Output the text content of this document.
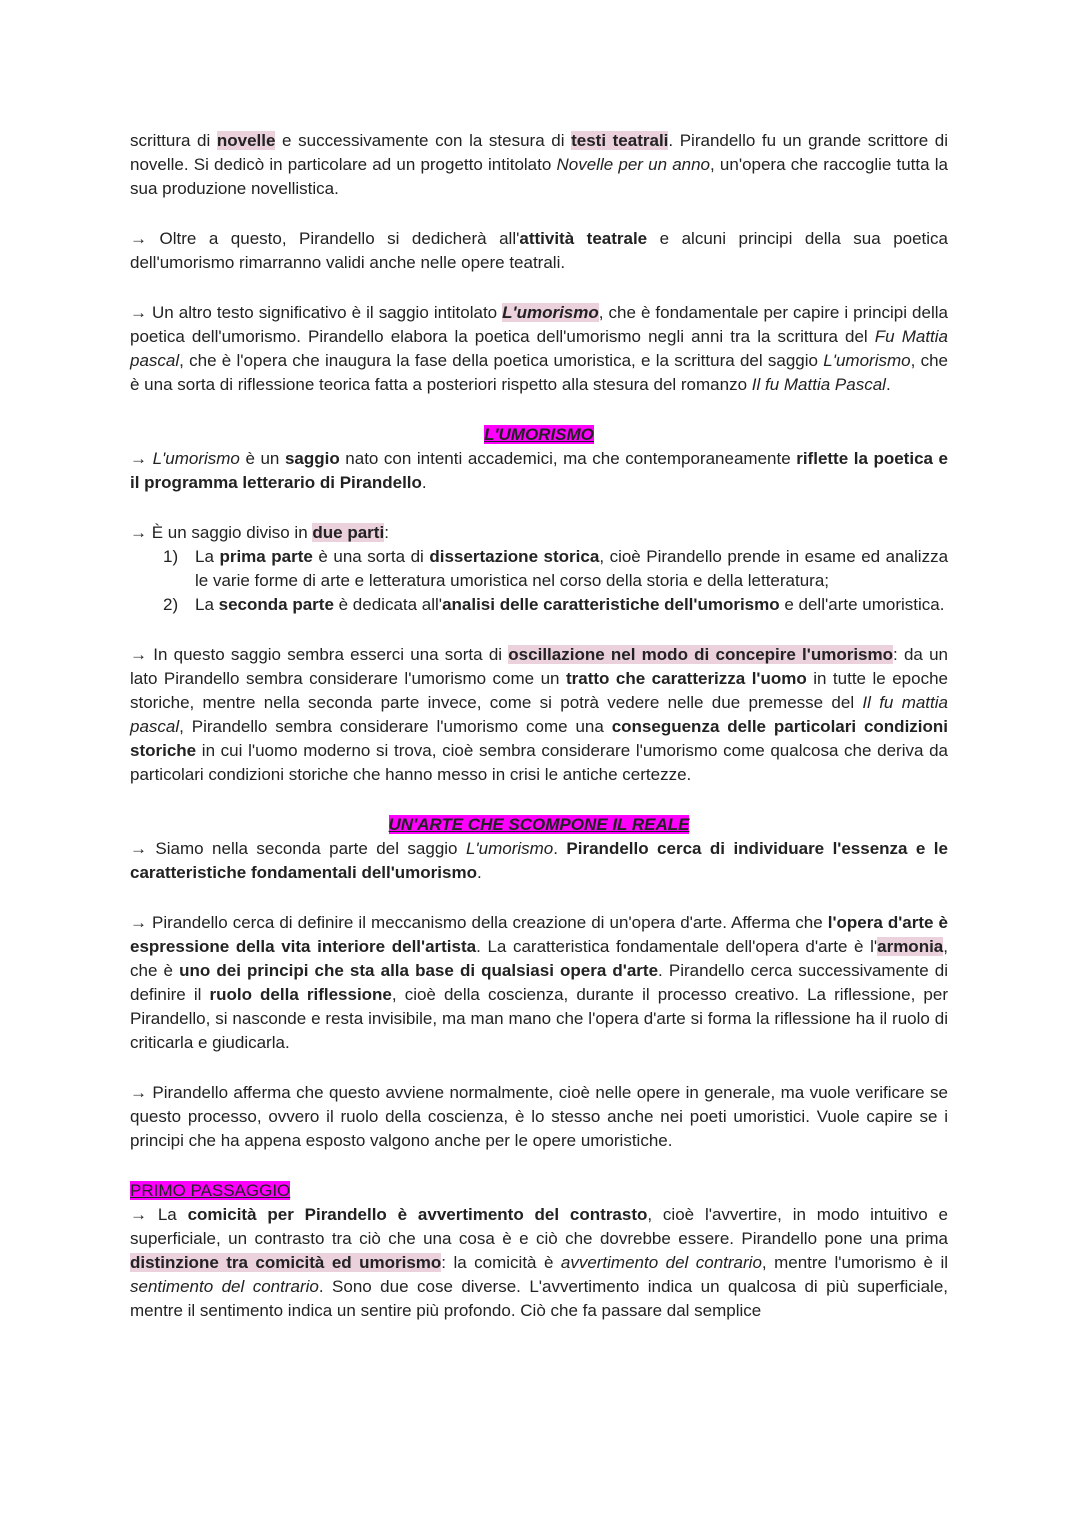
scrittura di novelle e successivamente con la stesura di testi teatrali. Pirandello fu un grande scrittore di novelle. Si dedicò in particolare ad un progetto intitolato Novelle per un anno, un'opera che raccoglie tutta la sua produzione novellistica.

→ Oltre a questo, Pirandello si dedicherà all'attività teatrale e alcuni principi della sua poetica dell'umorismo rimarranno validi anche nelle opere teatrali.

→ Un altro testo significativo è il saggio intitolato L'umorismo, che è fondamentale per capire i principi della poetica dell'umorismo. Pirandello elabora la poetica dell'umorismo negli anni tra la scrittura del Fu Mattia pascal, che è l'opera che inaugura la fase della poetica umoristica, e la scrittura del saggio L'umorismo, che è una sorta di riflessione teorica fatta a posteriori rispetto alla stesura del romanzo Il fu Mattia Pascal.

L'UMORISMO

→ L'umorismo è un saggio nato con intenti accademici, ma che contemporaneamente riflette la poetica e il programma letterario di Pirandello.

→ È un saggio diviso in due parti:

1) La prima parte è una sorta di dissertazione storica, cioè Pirandello prende in esame ed analizza le varie forme di arte e letteratura umoristica nel corso della storia e della letteratura;
2) La seconda parte è dedicata all'analisi delle caratteristiche dell'umorismo e dell'arte umoristica.

→ In questo saggio sembra esserci una sorta di oscillazione nel modo di concepire l'umorismo: da un lato Pirandello sembra considerare l'umorismo come un tratto che caratterizza l'uomo in tutte le epoche storiche, mentre nella seconda parte invece, come si potrà vedere nelle due premesse del Il fu mattia pascal, Pirandello sembra considerare l'umorismo come una conseguenza delle particolari condizioni storiche in cui l'uomo moderno si trova, cioè sembra considerare l'umorismo come qualcosa che deriva da particolari condizioni storiche che hanno messo in crisi le antiche certezze.

UN'ARTE CHE SCOMPONE IL REALE

→ Siamo nella seconda parte del saggio L'umorismo. Pirandello cerca di individuare l'essenza e le caratteristiche fondamentali dell'umorismo.

→ Pirandello cerca di definire il meccanismo della creazione di un'opera d'arte. Afferma che l'opera d'arte è espressione della vita interiore dell'artista. La caratteristica fondamentale dell'opera d'arte è l'armonia, che è uno dei principi che sta alla base di qualsiasi opera d'arte. Pirandello cerca successivamente di definire il ruolo della riflessione, cioè della coscienza, durante il processo creativo. La riflessione, per Pirandello, si nasconde e resta invisibile, ma man mano che l'opera d'arte si forma la riflessione ha il ruolo di criticarla e giudicarla.

→ Pirandello afferma che questo avviene normalmente, cioè nelle opere in generale, ma vuole verificare se questo processo, ovvero il ruolo della coscienza, è lo stesso anche nei poeti umoristici. Vuole capire se i principi che ha appena esposto valgono anche per le opere umoristiche.

PRIMO PASSAGGIO

→ La comicità per Pirandello è avvertimento del contrasto, cioè l'avvertire, in modo intuitivo e superficiale, un contrasto tra ciò che una cosa è e ciò che dovrebbe essere. Pirandello pone una prima distinzione tra comicità ed umorismo: la comicità è avvertimento del contrario, mentre l'umorismo è il sentimento del contrario. Sono due cose diverse. L'avvertimento indica un qualcosa di più superficiale, mentre il sentimento indica un sentire più profondo. Ciò che fa passare dal semplice
